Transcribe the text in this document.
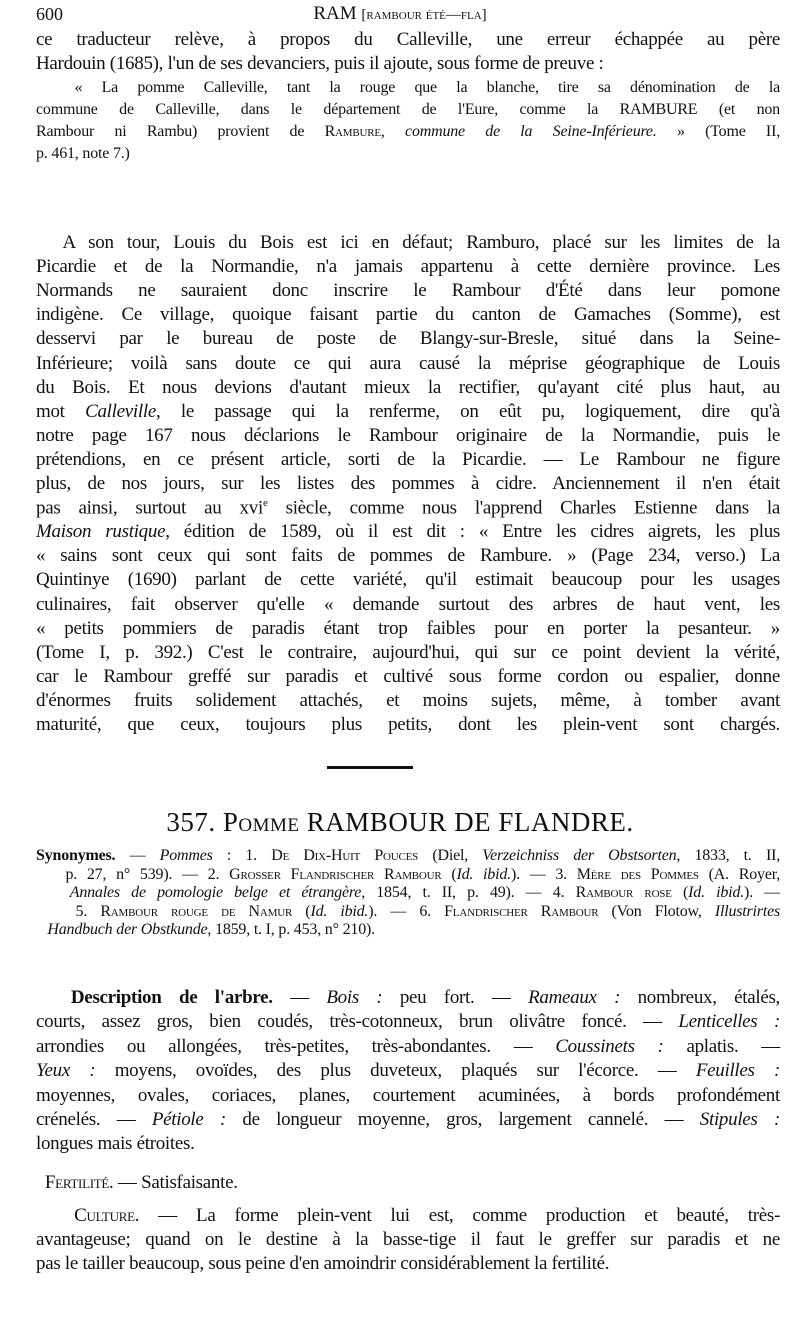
600	RAM [rambour été—fla]
ce traducteur relève, à propos du Calleville, une erreur échappée au père
Hardouin (1685), l'un de ses devanciers, puis il ajoute, sous forme de preuve :
« La pomme Calleville, tant la rouge que la blanche, tire sa dénomination de la
commune de Calleville, dans le département de l'Eure, comme la RAMBURE (et non
Rambour ni Rambu) provient de Rambure, commune de la Seine-Inférieure. » (Tome II,
p. 461, note 7.)
A son tour, Louis du Bois est ici en défaut; Ramburo, placé sur les limites de la
Picardie et de la Normandie, n'a jamais appartenu à cette dernière province. Les
Normands ne sauraient donc inscrire le Rambour d'Été dans leur pomone
indigène. Ce village, quoique faisant partie du canton de Gamaches (Somme), est
desservi par le bureau de poste de Blangy-sur-Bresle, situé dans la Seine-
Inférieure; voilà sans doute ce qui aura causé la méprise géographique de Louis
du Bois. Et nous devions d'autant mieux la rectifier, qu'ayant cité plus haut, au
mot Calleville, le passage qui la renferme, on eût pu, logiquement, dire qu'à
notre page 167 nous déclarions le Rambour originaire de la Normandie, puis le
prétendions, en ce présent article, sorti de la Picardie. — Le Rambour ne figure
plus, de nos jours, sur les listes des pommes à cidre. Anciennement il n'en était
pas ainsi, surtout au xvi$^e$ siècle, comme nous l'apprend Charles Estienne dans la
Maison rustique, édition de 1589, où il est dit : « Entre les cidres aigrets, les plus
« sains sont ceux qui sont faits de pommes de Rambure. » (Page 234, verso.) La
Quintinye (1690) parlant de cette variété, qu'il estimait beaucoup pour les usages
culinaires, fait observer qu'elle « demande surtout des arbres de haut vent, les
« petits pommiers de paradis étant trop faibles pour en porter la pesanteur. »
(Tome I, p. 392.) C'est le contraire, aujourd'hui, qui sur ce point devient la vérité,
car le Rambour greffé sur paradis et cultivé sous forme cordon ou espalier, donne
d'énormes fruits solidement attachés, et moins sujets, même, à tomber avant
maturité, que ceux, toujours plus petits, dont les plein-vent sont chargés.
Synonymes. — Pommes : 1. De Dix-Huit Pouces (Diel, Verzeichniss der Obstsorten, 1833, t. II,
p. 27, n° 539). — 2. Grosser Flandrischer Rambour (Id. ibid.). — 3. Mère des Pommes (A. Royer,
Annales de pomologie belge et étrangère, 1854, t. II, p. 49). — 4. Rambour rose (Id. ibid.). —
5. Rambour rouge de Namur (Id. ibid.). — 6. Flandrischer Rambour (Von Flotow, Illustrirtes
Handbuch der Obstkunde, 1859, t. I, p. 453, n° 210).
Description de l'arbre. — Bois : peu fort. — Rameaux : nombreux, étalés,
courts, assez gros, bien coudés, très-cotonneux, brun olivâtre foncé. — Lenticelles :
arrondies ou allongées, très-petites, très-abondantes. — Coussinets : aplatis. —
Yeux : moyens, ovoïdes, des plus duveteux, plaqués sur l'écorce. — Feuilles :
moyennes, ovales, coriaces, planes, courtement acuminées, à bords profondément
crénelés. — Pétiole : de longueur moyenne, gros, largement cannelé. — Stipules :
longues mais étroites.
Fertilité. — Satisfaisante.
Culture. — La forme plein-vent lui est, comme production et beauté, très-
avantageuse; quand on le destine à la basse-tige il faut le greffer sur paradis et ne
pas le tailler beaucoup, sous peine d'en amoindrir considérablement la fertilité.
357. Pomme RAMBOUR DE FLANDRE.
